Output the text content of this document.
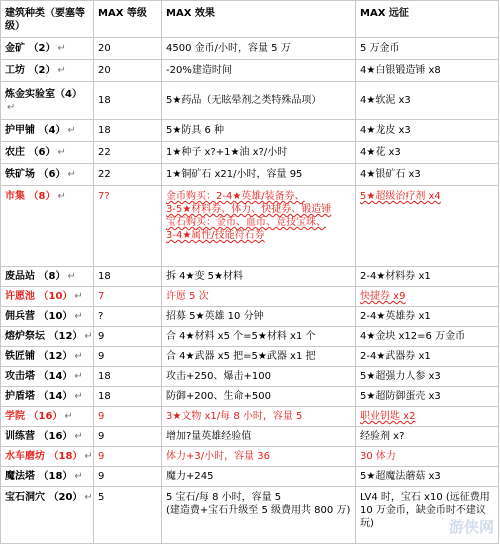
建筑种类（要塞等级）	MAX 等级	MAX 效果	MAX 远征
金矿 （2） ↵	20	4500 金币/小时，容量 5 万	5 万金币
工坊 （2） ↵	20	-20%建造时间	4★白银锻造锤 x8
炼金实验室（4）↵	18	5★药品（无眩晕剂之类特殊品项）	4★软泥 x3
护甲铺 （4） ↵	18	5★防具 6 种	4★龙皮 x3
农庄 （6） ↵	22	1★种子 x?+1★油 x?/小时	4★花 x3
铁矿场 （6） ↵	22	1★铜矿石 x21/小时，容量 95	4★银矿石 x3
市集 （8） ↵	7?	金币购买：2-4★英雄/装备券、
3-5★材料券、体力、快捷券、锻造锤
宝石购买：金币、血币、竞技宝珠、
3-4★属性/技能符石券	5★超级治疗剂 x4
废品站 （8） ↵	18	拆 4★变 5★材料	2-4★材料券 x1
许愿池 （10） ↵	7	许愿 5 次	快捷券 x9
佣兵营 （10） ↵	?	招募 5★英雄 10 分钟	2-4★英雄券 x1
熔炉祭坛 （12） ↵	9	合 4★材料 x5 个=5★材料 x1 个	4★金块 x12=6 万金币
铁匠铺 （12） ↵	9	合 4★武器 x5 把=5★武器 x1 把	2-4★武器券 x1
攻击塔 （14） ↵	18	攻击+250、爆击+100	5★超强力人参 x3
护盾塔 （14） ↵	18	防御+200、生命+500	5★超防御蛋壳 x3
学院 （16） ↵	9	3★文物 x1/每 8 小时，容量 5	职业钥匙 x2
训练营 （16） ↵	9	增加?量英雄经验值	经验剂 x?
水车磨坊 （18） ↵	9	体力+3/小时，容量 36	30 体力
魔法塔 （18） ↵	9	魔力+245	5★超魔法蘑菇 x3
宝石洞穴 （20） ↵	5	5 宝石/每 8 小时，容量 5
(建造费+宝石升级至 5 级费用共 800 万)	LV4 时，宝石 x10 (远征费用 10 万金币，缺金币时不建议玩)	游侠网
